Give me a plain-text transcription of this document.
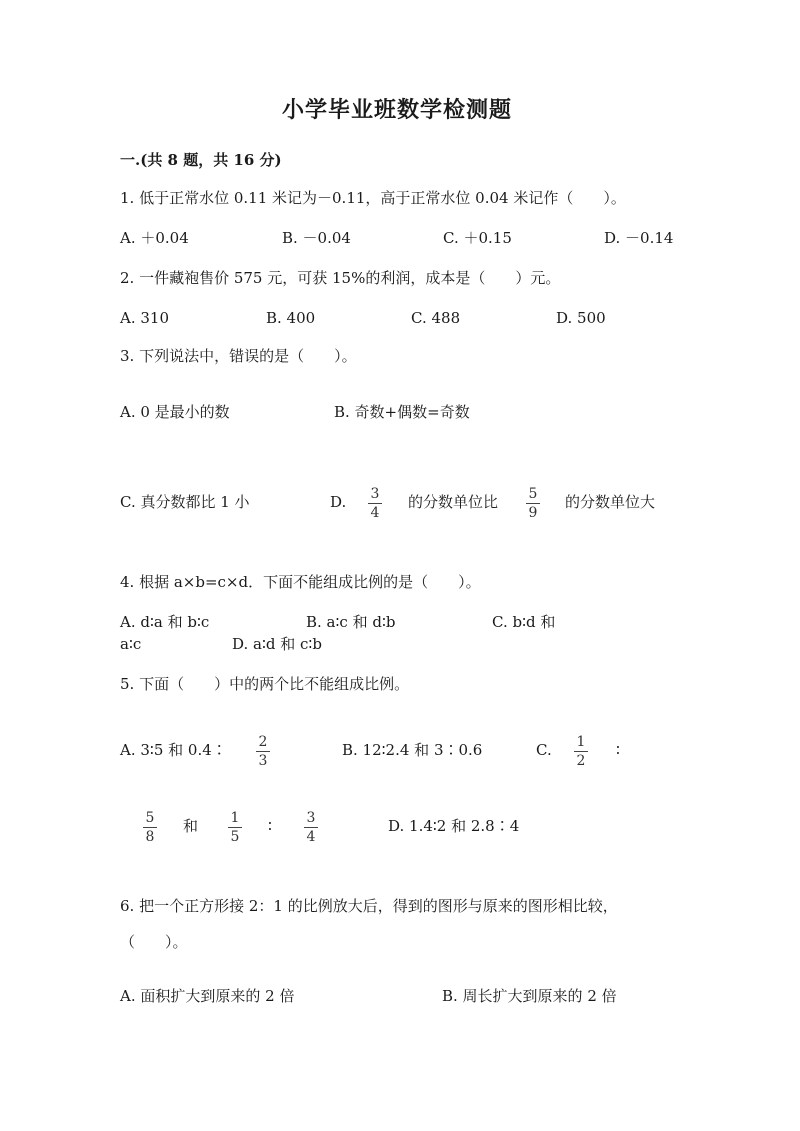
小学毕业班数学检测题
一.(共 8 题，共 16 分)
1. 低于正常水位 0.11 米记为－0.11，高于正常水位 0.04 米记作（　　）。
A. ＋0.04	B. －0.04	C. ＋0.15	D. －0.14
2. 一件藏袍售价 575 元，可获 15%的利润，成本是（　　）元。
A. 310	B. 400	C. 488	D. 500
3. 下列说法中，错误的是（　　）。
A. 0 是最小的数	B. 奇数+偶数=奇数
C. 真分数都比 1 小	D. 3
4
的分数单位比 5
9
的分数单位大
4. 根据 a×b=c×d．下面不能组成比例的是（　　）。
A. d∶a 和 b∶c	B. a∶c 和 d∶b	C. b∶d 和
a∶c	D. a∶d 和 c∶b
5. 下面（　　）中的两个比不能组成比例。
A. 3∶5 和 0.4∶ 2
3
B. 12∶2.4 和 3∶0.6	C. 1
2
∶
5
8
和 1
5
∶ 3
4
D. 1.4∶2 和 2.8∶4
6. 把一个正方形接 2：1 的比例放大后，得到的图形与原来的图形相比较，
（　　）。
A. 面积扩大到原来的 2 倍	B. 周长扩大到原来的 2 倍
